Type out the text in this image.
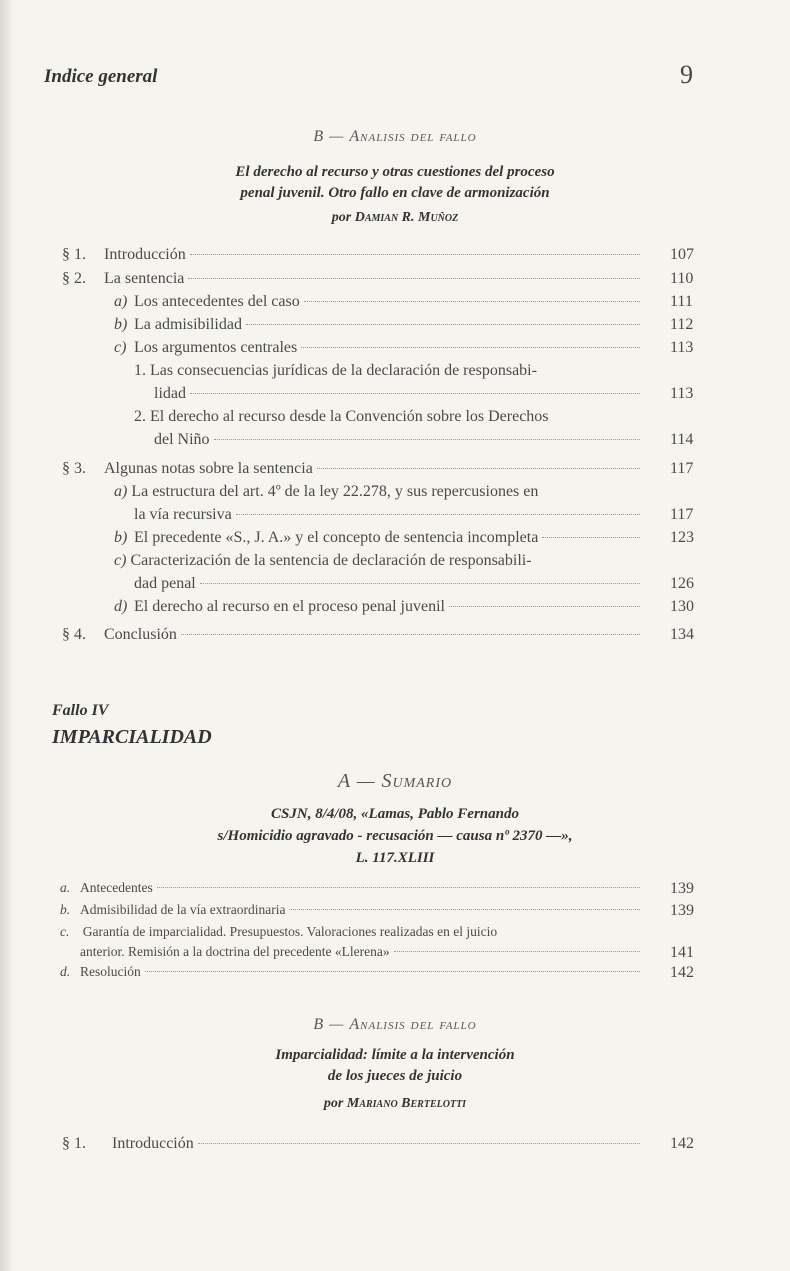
Indice general	9
B — Analisis del fallo
El derecho al recurso y otras cuestiones del proceso
penal juvenil. Otro fallo en clave de armonización
por Damian R. Muñoz
§ 1. Introducción	107
§ 2. La sentencia	110
a) Los antecedentes del caso	111
b) La admisibilidad	112
c) Los argumentos centrales	113
1. Las consecuencias jurídicas de la declaración de responsabi-
lidad	113
2. El derecho al recurso desde la Convención sobre los Derechos
del Niño	114
§ 3. Algunas notas sobre la sentencia	117
a) La estructura del art. 4º de la ley 22.278, y sus repercusiones en
la vía recursiva	117
b) El precedente «S., J. A.» y el concepto de sentencia incompleta	123
c) Caracterización de la sentencia de declaración de responsabili-
dad penal	126
d) El derecho al recurso en el proceso penal juvenil	130
§ 4. Conclusión	134
Fallo IV
IMPARCIALIDAD
A — Sumario
CSJN, 8/4/08, «Lamas, Pablo Fernando
s/Homicidio agravado - recusación — causa nº 2370 —»,
L. 117.XLIII
a. Antecedentes	139
b. Admisibilidad de la vía extraordinaria	139
c. Garantía de imparcialidad. Presupuestos. Valoraciones realizadas en el juicio
anterior. Remisión a la doctrina del precedente «Llerena»	141
d. Resolución	142
B — Analisis del fallo
Imparcialidad: límite a la intervención
de los jueces de juicio
por Mariano Bertelotti
§ 1. Introducción	142
